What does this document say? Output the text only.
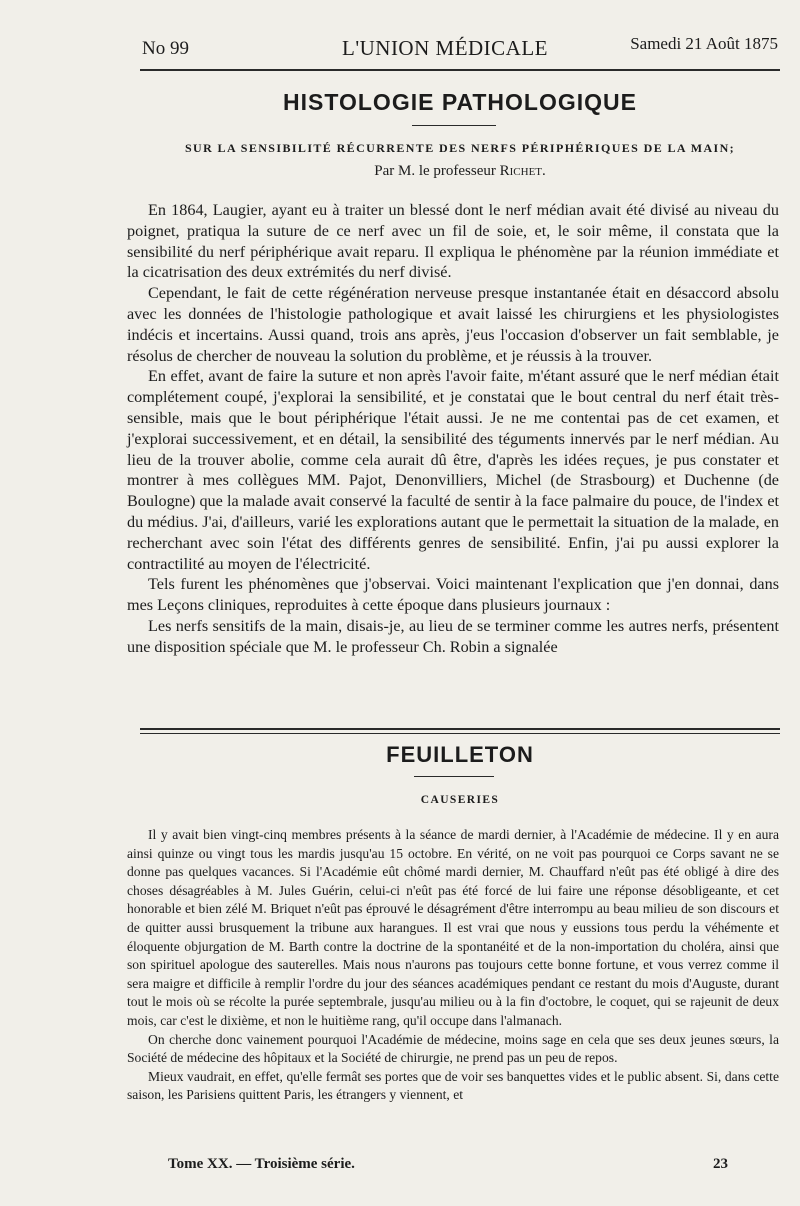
No 99	L'UNION MÉDICALE	Samedi 21 Août 1875
HISTOLOGIE PATHOLOGIQUE
SUR LA SENSIBILITÉ RÉCURRENTE DES NERFS PÉRIPHÉRIQUES DE LA MAIN;
Par M. le professeur Richet.

En 1864, Laugier, ayant eu à traiter un blessé dont le nerf médian avait été divisé au niveau du poignet, pratiqua la suture de ce nerf avec un fil de soie, et, le soir même, il constata que la sensibilité du nerf périphérique avait reparu. Il expliqua le phénomène par la réunion immédiate et la cicatrisation des deux extrémités du nerf divisé.

Cependant, le fait de cette régénération nerveuse presque instantanée était en désaccord absolu avec les données de l'histologie pathologique et avait laissé les chirurgiens et les physiologistes indécis et incertains. Aussi quand, trois ans après, j'eus l'occasion d'observer un fait semblable, je résolus de chercher de nouveau la solution du problème, et je réussis à la trouver.

En effet, avant de faire la suture et non après l'avoir faite, m'étant assuré que le nerf médian était complétement coupé, j'explorai la sensibilité, et je constatai que le bout central du nerf était très-sensible, mais que le bout périphérique l'était aussi. Je ne me contentai pas de cet examen, et j'explorai successivement, et en détail, la sensibilité des téguments innervés par le nerf médian. Au lieu de la trouver abolie, comme cela aurait dû être, d'après les idées reçues, je pus constater et montrer à mes collègues MM. Pajot, Denonvilliers, Michel (de Strasbourg) et Duchenne (de Boulogne) que la malade avait conservé la faculté de sentir à la face palmaire du pouce, de l'index et du médius. J'ai, d'ailleurs, varié les explorations autant que le permettait la situation de la malade, en recherchant avec soin l'état des différents genres de sensibilité. Enfin, j'ai pu aussi explorer la contractilité au moyen de l'électricité.

Tels furent les phénomènes que j'observai. Voici maintenant l'explication que j'en donnai, dans mes Leçons cliniques, reproduites à cette époque dans plusieurs journaux :

Les nerfs sensitifs de la main, disais-je, au lieu de se terminer comme les autres nerfs, présentent une disposition spéciale que M. le professeur Ch. Robin a signalée

FEUILLETON
CAUSERIES

Il y avait bien vingt-cinq membres présents à la séance de mardi dernier, à l'Académie de médecine. Il y en aura ainsi quinze ou vingt tous les mardis jusqu'au 15 octobre. En vérité, on ne voit pas pourquoi ce Corps savant ne se donne pas quelques vacances. Si l'Académie eût chômé mardi dernier, M. Chauffard n'eût pas été obligé à dire des choses désagréables à M. Jules Guérin, celui-ci n'eût pas été forcé de lui faire une réponse désobligeante, et cet honorable et bien zélé M. Briquet n'eût pas éprouvé le désagrément d'être interrompu au beau milieu de son discours et de quitter aussi brusquement la tribune aux harangues. Il est vrai que nous y eussions tous perdu la véhémente et éloquente objurgation de M. Barth contre la doctrine de la spontanéité et de la non-importation du choléra, ainsi que son spirituel apologue des sauterelles. Mais nous n'aurons pas toujours cette bonne fortune, et vous verrez comme il sera maigre et difficile à remplir l'ordre du jour des séances académiques pendant ce restant du mois d'Auguste, durant tout le mois où se récolte la purée septembrale, jusqu'au milieu ou à la fin d'octobre, le coquet, qui se rajeunit de deux mois, car c'est le dixième, et non le huitième rang, qu'il occupe dans l'almanach.

On cherche donc vainement pourquoi l'Académie de médecine, moins sage en cela que ses deux jeunes sœurs, la Société de médecine des hôpitaux et la Société de chirurgie, ne prend pas un peu de repos.

Mieux vaudrait, en effet, qu'elle fermât ses portes que de voir ses banquettes vides et le public absent. Si, dans cette saison, les Parisiens quittent Paris, les étrangers y viennent, et

Tome XX. — Troisième série.	23
